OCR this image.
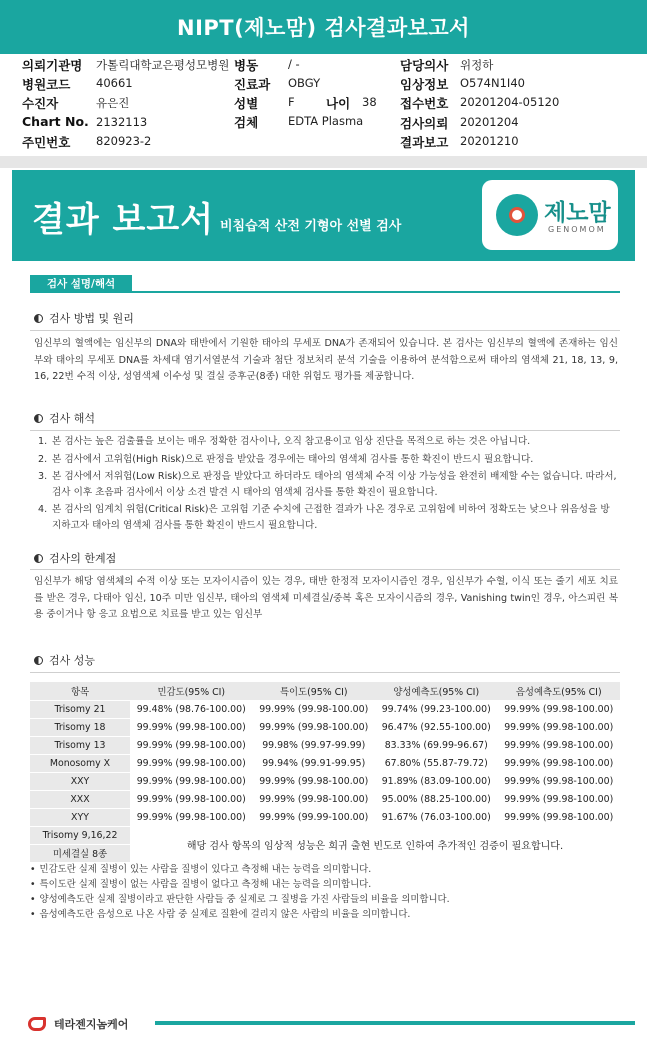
NIPT(제노맘) 검사결과보고서
의뢰기관명 가톨릭대학교은평성모병원 병동	/ -	담당의사 위정하
병원코드 40661	진료과 OBGY	임상정보 O574N1I40
수진자	유은진	성별	F	나이 38 접수번호 20201204-05120
Chart No. 2132113	검체	EDTA Plasma	검사의뢰 20201204
주민번호 820923-2	결과보고 20201210
결과 보고서 비침습적 산전 기형아 선별 검사
제노맘
GENOMOM
검사 설명/해석
검사 방법 및 원리
임신부의 혈액에는 임신부의 DNA와 태반에서 기원한 태아의 무세포 DNA가 존재되어 있습니다. 본 검사는 임신부의 혈액에 존재하는 임신부와 태아의 무세포 DNA를 차세대 염기서열분석 기술과 첨단 정보처리 분석 기술을 이용하여 분석함으로써 태아의 염색체 21, 18, 13, 9, 16, 22번 수적 이상, 성염색체 이수성 및 결실 증후군(8종) 대한 위험도 평가를 제공합니다.
검사 해석
1. 본 검사는 높은 검출률을 보이는 매우 정확한 검사이나, 오직 참고용이고 임상 진단을 목적으로 하는 것은 아닙니다.
2. 본 검사에서 고위험(High Risk)으로 판정을 받았을 경우에는 태아의 염색체 검사를 통한 확진이 반드시 필요합니다.
3. 본 검사에서 저위험(Low Risk)으로 판정을 받았다고 하더라도 태아의 염색체 수적 이상 가능성을 완전히 배제할 수는 없습니다. 따라서, 검사 이후 초음파 검사에서 이상 소견 발견 시 태아의 염색체 검사를 통한 확진이 필요합니다.
4. 본 검사의 임계치 위험(Critical Risk)은 고위험 기준 수치에 근접한 결과가 나온 경우로 고위험에 비하여 정확도는 낮으나 위음성을 방지하고자 태아의 염색체 검사를 통한 확진이 반드시 필요합니다.
검사의 한계점
임신부가 해당 염색체의 수적 이상 또는 모자이시즘이 있는 경우, 태반 한정적 모자이시즘인 경우, 임신부가 수혈, 이식 또는 줄기 세포 치료를 받은 경우, 다태아 임신, 10주 미만 임신부, 태아의 염색체 미세결실/중복 혹은 모자이시즘의 경우, Vanishing twin인 경우, 아스피린 복용 중이거나 항 응고 요법으로 치료를 받고 있는 임신부
검사 성능
항목	민감도(95% CI)	특이도(95% CI)	양성예측도(95% CI)	음성예측도(95% CI)
Trisomy 21	99.48% (98.76-100.00)	99.99% (99.98-100.00)	99.74% (99.23-100.00)	99.99% (99.98-100.00)
Trisomy 18	99.99% (99.98-100.00)	99.99% (99.98-100.00)	96.47% (92.55-100.00)	99.99% (99.98-100.00)
Trisomy 13	99.99% (99.98-100.00)	99.98% (99.97-99.99)	83.33% (69.99-96.67)	99.99% (99.98-100.00)
Monosomy X	99.99% (99.98-100.00)	99.94% (99.91-99.95)	67.80% (55.87-79.72)	99.99% (99.98-100.00)
XXY	99.99% (99.98-100.00)	99.99% (99.98-100.00)	91.89% (83.09-100.00)	99.99% (99.98-100.00)
XXX	99.99% (99.98-100.00)	99.99% (99.98-100.00)	95.00% (88.25-100.00)	99.99% (99.98-100.00)
XYY	99.99% (99.98-100.00)	99.99% (99.99-100.00)	91.67% (76.03-100.00)	99.99% (99.98-100.00)
Trisomy 9,16,22	해당 검사 항목의 임상적 성능은 희귀 출현 빈도로 인하여 추가적인 검증이 필요합니다.			
미세결실 8종				
• 민감도란 실제 질병이 있는 사람을 질병이 있다고 측정해 내는 능력을 의미합니다.
• 특이도란 실제 질병이 없는 사람을 질병이 없다고 측정해 내는 능력을 의미합니다.
• 양성예측도란 실제 질병이라고 판단한 사람들 중 실제로 그 질병을 가진 사람들의 비율을 의미합니다.
• 음성예측도란 음성으로 나온 사람 중 실제로 질환에 걸리지 않은 사람의 비율을 의미합니다.
테라젠지놈케어
